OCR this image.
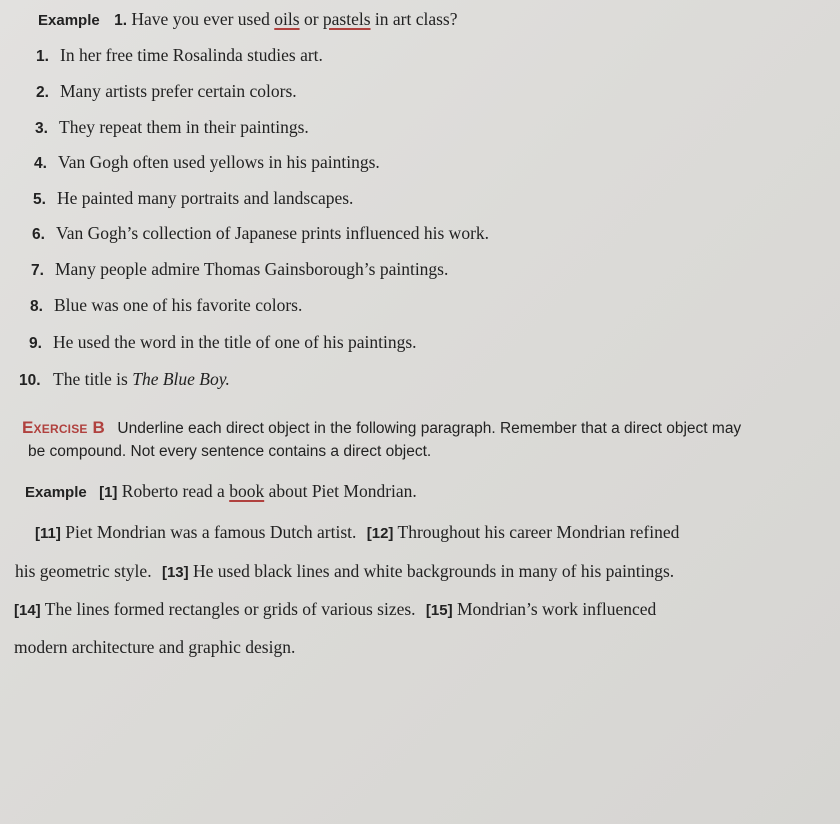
Example 1. Have you ever used oils or pastels in art class?
1. In her free time Rosalinda studies art.
2. Many artists prefer certain colors.
3. They repeat them in their paintings.
4. Van Gogh often used yellows in his paintings.
5. He painted many portraits and landscapes.
6. Van Gogh’s collection of Japanese prints influenced his work.
7. Many people admire Thomas Gainsborough’s paintings.
8. Blue was one of his favorite colors.
9. He used the word in the title of one of his paintings.
10. The title is The Blue Boy.
Exercise B Underline each direct object in the following paragraph. Remember that a direct object may
be compound. Not every sentence contains a direct object.
Example [1] Roberto read a book about Piet Mondrian.
[11] Piet Mondrian was a famous Dutch artist. [12] Throughout his career Mondrian refined
his geometric style. [13] He used black lines and white backgrounds in many of his paintings.
[14] The lines formed rectangles or grids of various sizes. [15] Mondrian’s work influenced
modern architecture and graphic design.
